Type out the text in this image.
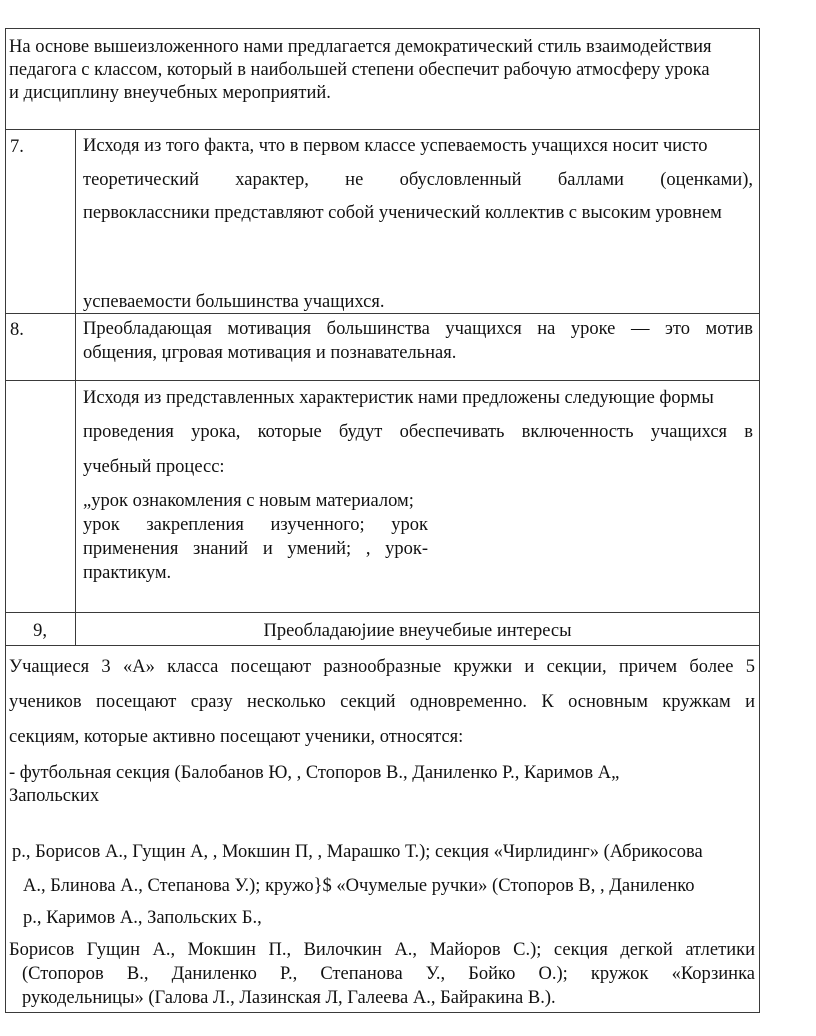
На основе вышеизложенного нами предлагается демократический стиль взаимодействия
педагога с классом, который в наибольшей степени обеспечит рабочую атмосферу урока
и дисциплину внеучебных мероприятий.
7.	Исходя из того факта, что в первом классе успеваемость учащихся носит чисто
теоретический характер, не обусловленный баллами (оценками),
первоклассники представляют собой ученический коллектив с высоким уровнем
успеваемости большинства учащихся.
8.	Преобладающая мотивация большинства учащихся на уроке — это мотив
общения, џгровая мотивация и познавательная.
Исходя из представленных характеристик нами предложены следующие формы
проведения урока, которые будут обеспечивать включенность учащихся в
учебный процесс:
„урок ознакомления с новым материалом;
урок закрепления изученного; урок
применения знаний и умений; , урок-
практикум.
9,	Преобладаюјиие внеучебиые интересы
Учащиеся 3 «А» класса посещают разнообразные кружки и секции, причем более 5
учеников посещают сразу несколько секций одновременно. К основным кружкам и
секциям, которые активно посещают ученики, относятся:
- футбольная секция (Балобанов Ю, , Стопоров В., Даниленко Р., Каримов А„
Запольских
р., Борисов А., Гущин А, , Мокшин П, , Марашко Т.); секция «Чирлидинг» (Абрикосова
А., Блинова А., Степанова У.); кружо}$ «Очумелые ручки» (Стопоров В, , Даниленко
р., Каримов А., Запольских Б.,
Борисов Гущин А., Мокшин П., Вилочкин А., Майоров С.); секция дегкой атлетики
(Стопоров В., Даниленко Р., Степанова У., Бойко О.); кружок «Корзинка
рукодельницы» (Галова Л., Лазинская Л, Галеева А., Байракина В.).
